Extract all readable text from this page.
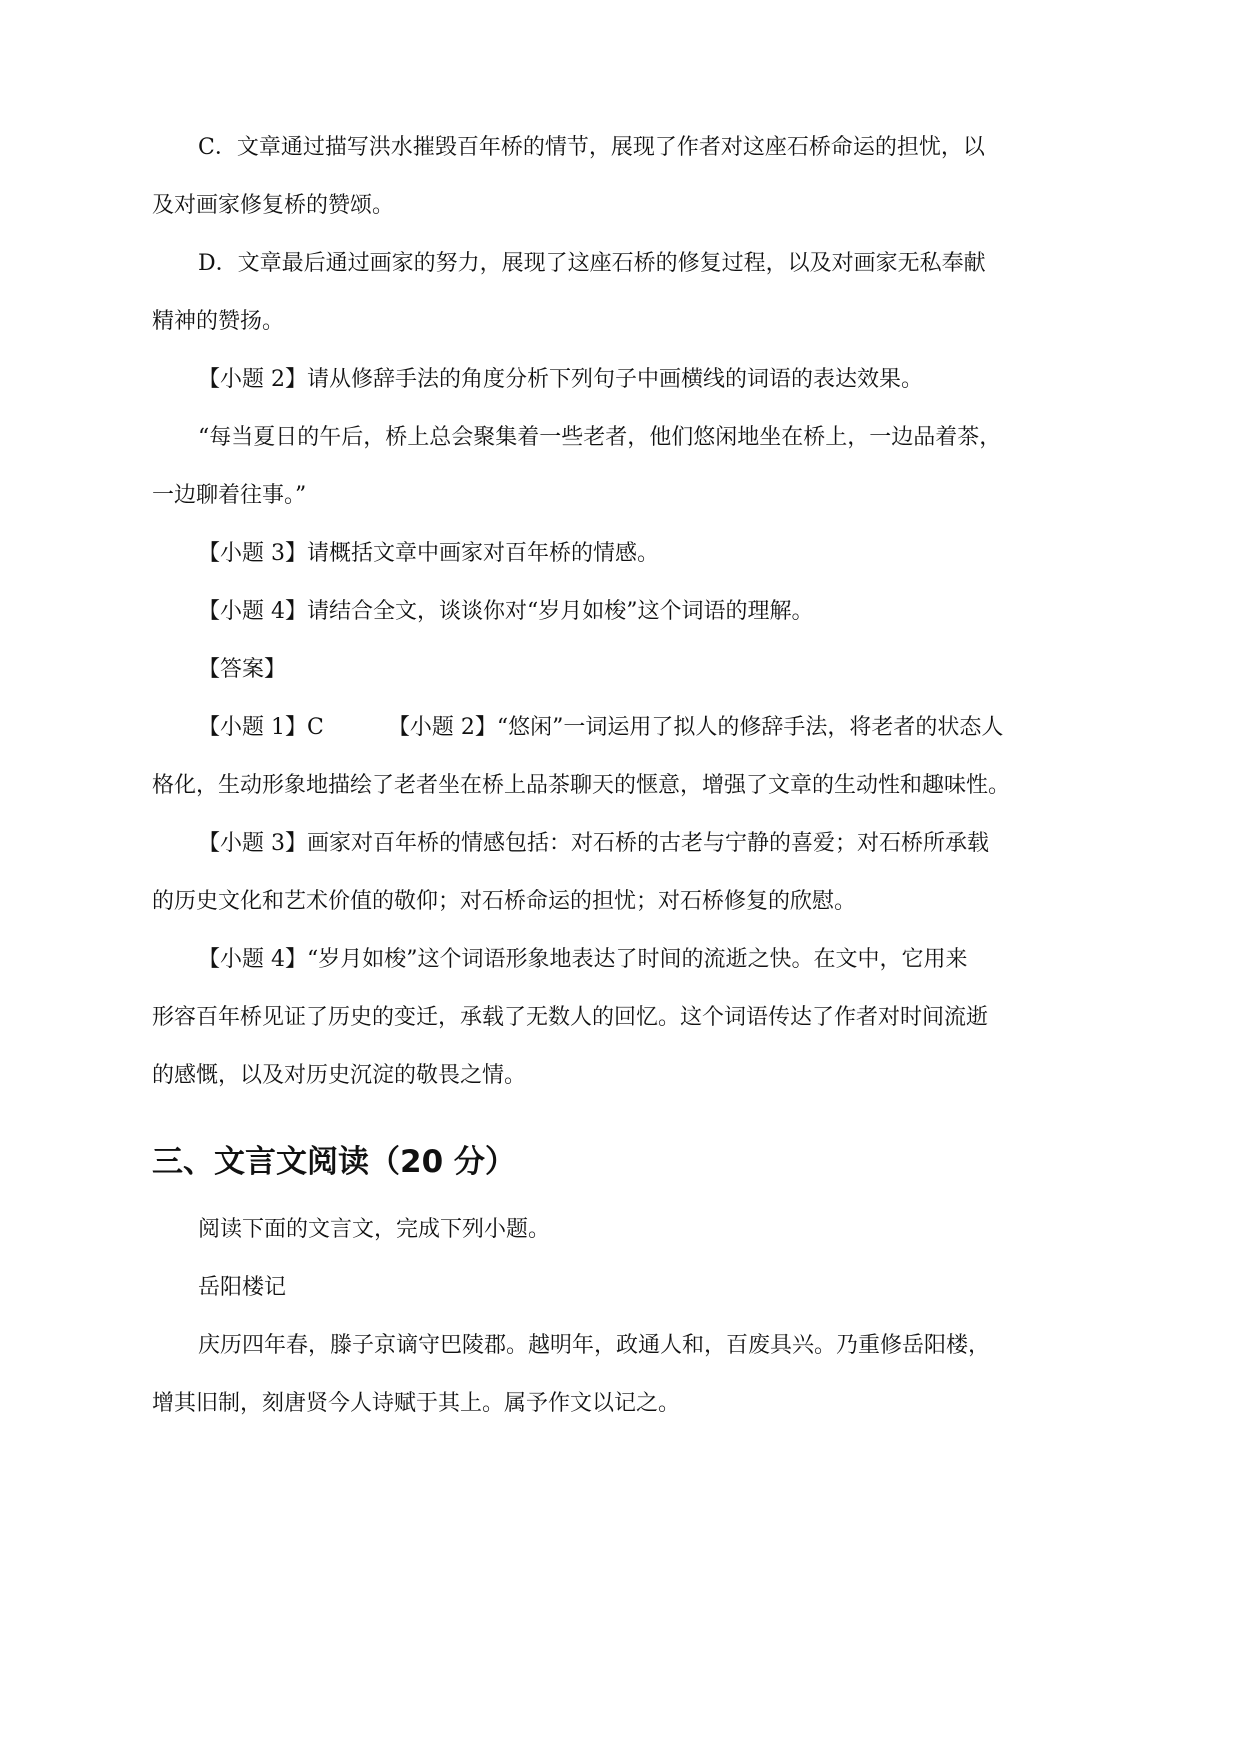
C．文章通过描写洪水摧毁百年桥的情节，展现了作者对这座石桥命运的担忧，以
及对画家修复桥的赞颂。
D．文章最后通过画家的努力，展现了这座石桥的修复过程，以及对画家无私奉献
精神的赞扬。
【小题 2】请从修辞手法的角度分析下列句子中画横线的词语的表达效果。
“每当夏日的午后，桥上总会聚集着一些老者，他们悠闲地坐在桥上，一边品着茶，
一边聊着往事。”
【小题 3】请概括文章中画家对百年桥的情感。
【小题 4】请结合全文，谈谈你对“岁月如梭”这个词语的理解。
【答案】
【小题 1】C	【小题 2】“悠闲”一词运用了拟人的修辞手法，将老者的状态人
格化，生动形象地描绘了老者坐在桥上品茶聊天的惬意，增强了文章的生动性和趣味性。
【小题 3】画家对百年桥的情感包括：对石桥的古老与宁静的喜爱；对石桥所承载
的历史文化和艺术价值的敬仰；对石桥命运的担忧；对石桥修复的欣慰。
【小题 4】“岁月如梭”这个词语形象地表达了时间的流逝之快。在文中，它用来
形容百年桥见证了历史的变迁，承载了无数人的回忆。这个词语传达了作者对时间流逝
的感慨，以及对历史沉淀的敬畏之情。
三、文言文阅读（20 分）
阅读下面的文言文，完成下列小题。
岳阳楼记
庆历四年春，滕子京谪守巴陵郡。越明年，政通人和，百废具兴。乃重修岳阳楼，
增其旧制，刻唐贤今人诗赋于其上。属予作文以记之。
